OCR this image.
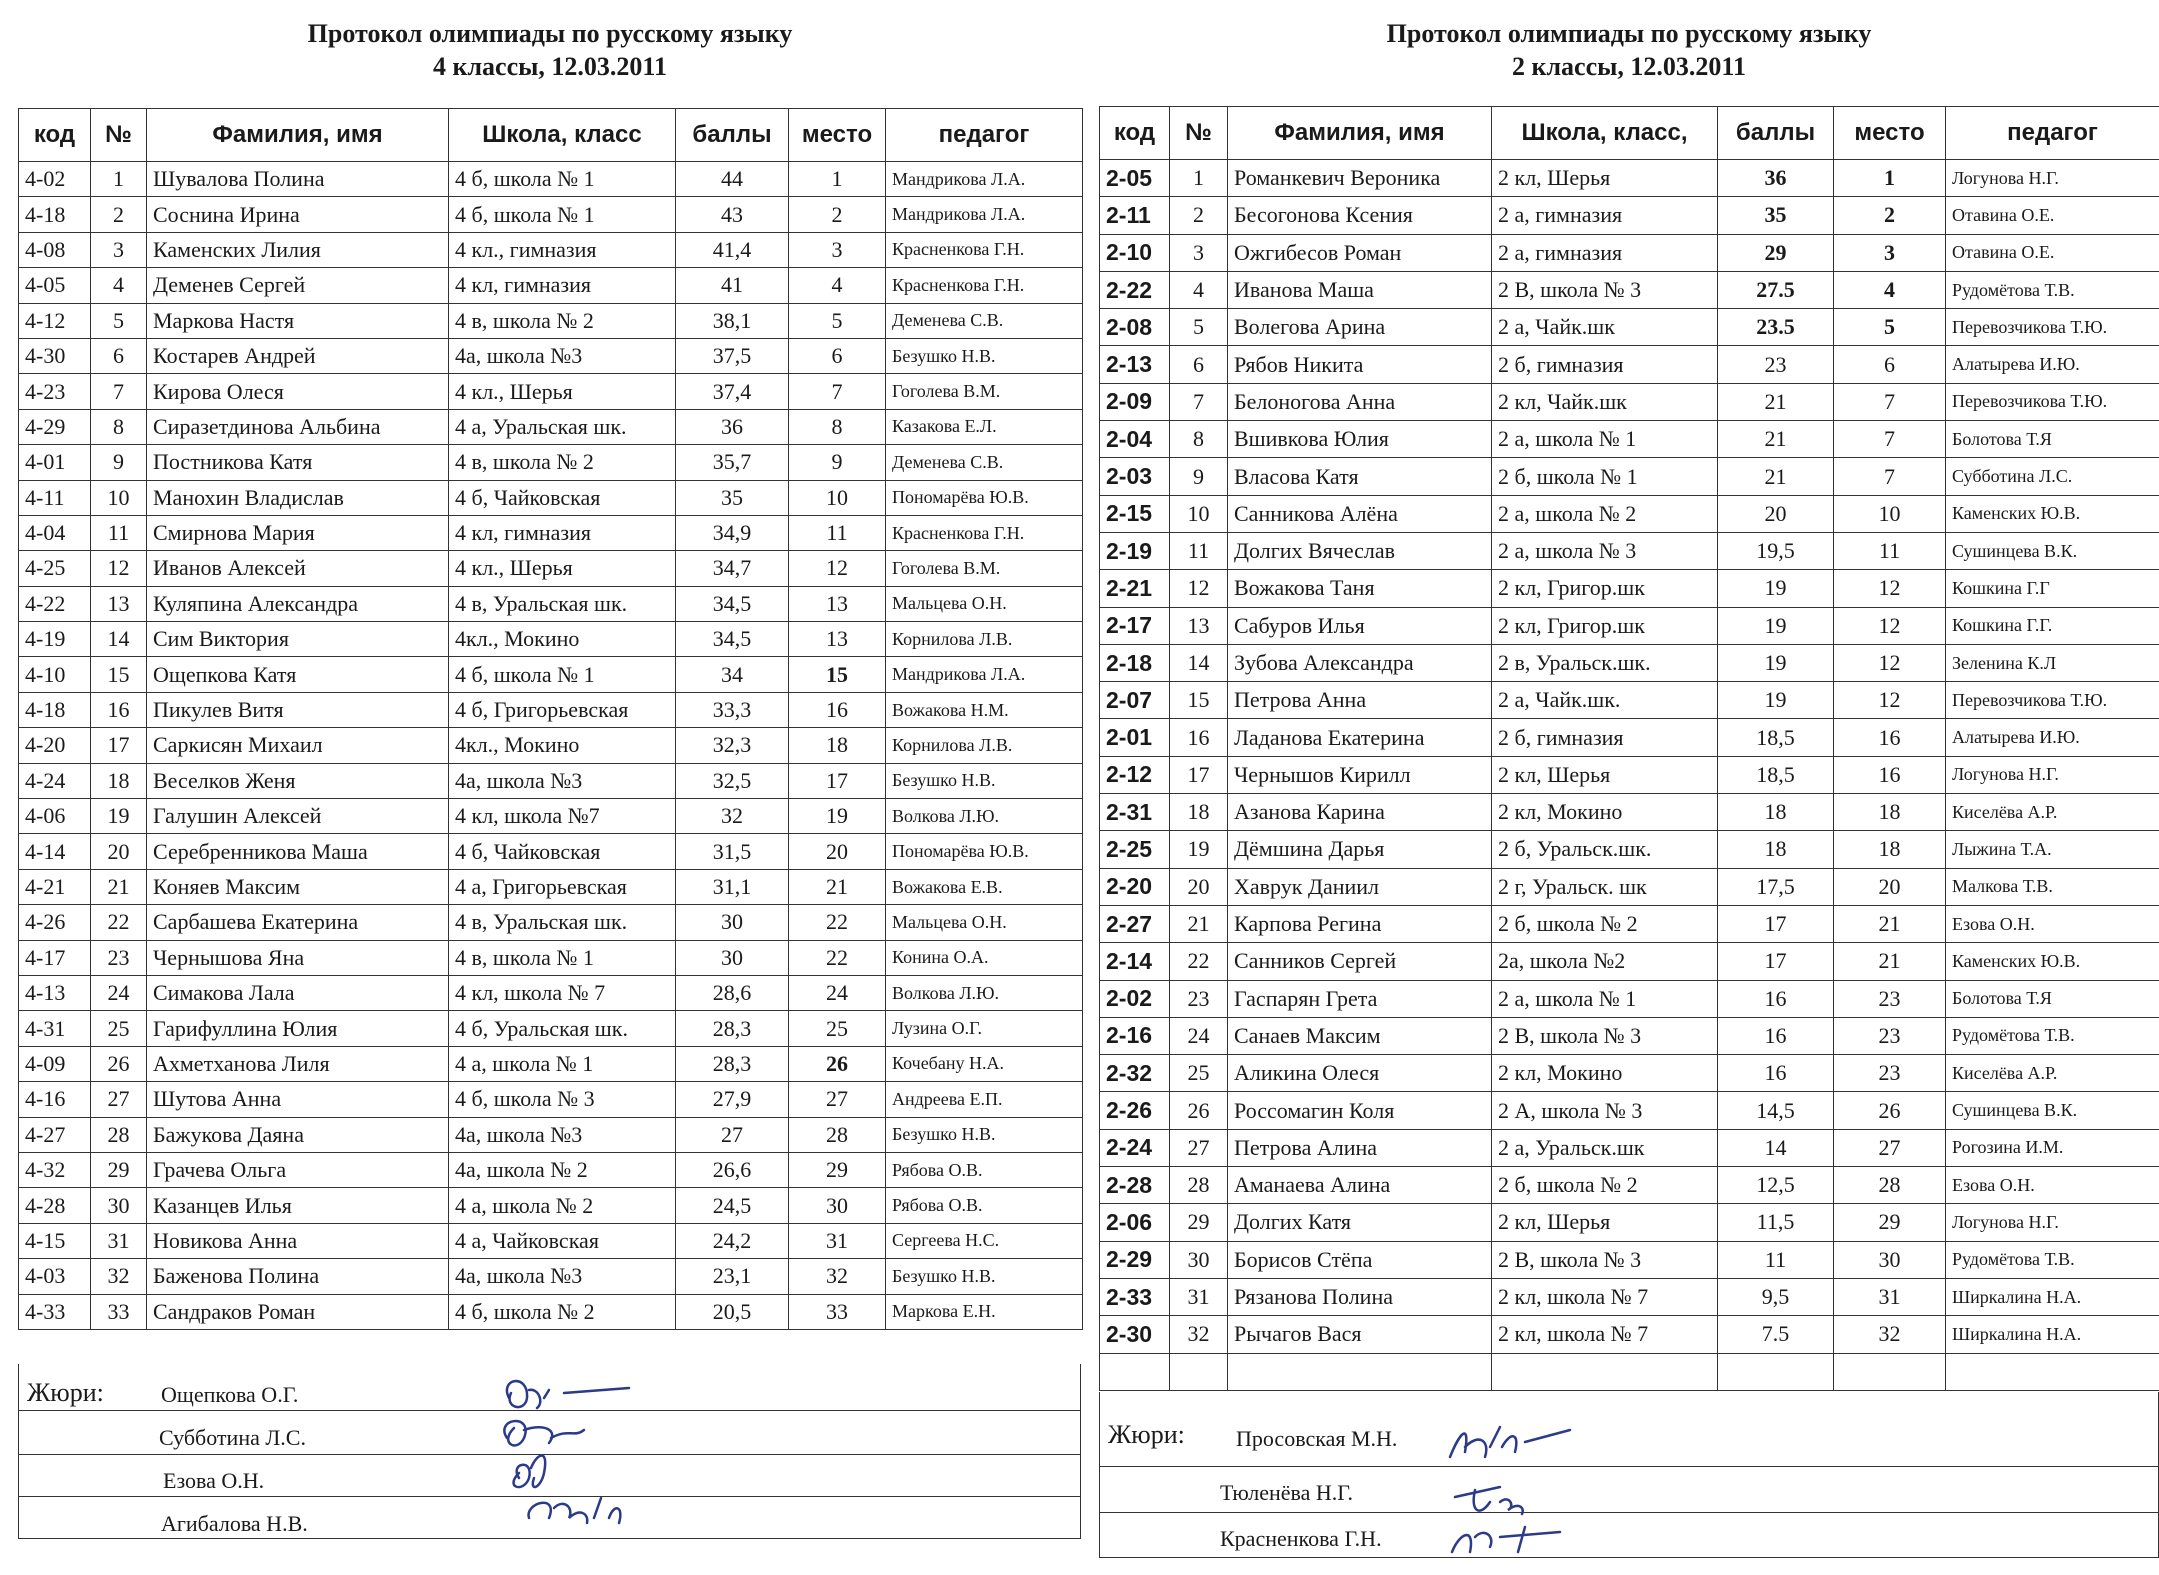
Протокол олимпиады по русскому языку
4 классы, 12.03.2011
код	№	Фамилия, имя	Школа, класс	баллы	место	педагог
4-02	1	Шувалова Полина	4 б, школа № 1	44	1	Мандрикова Л.А.
4-18	2	Соснина Ирина	4 б, школа № 1	43	2	Мандрикова Л.А.
4-08	3	Каменских Лилия	4 кл., гимназия	41,4	3	Красненкова Г.Н.
4-05	4	Деменев Сергей	4 кл, гимназия	41	4	Красненкова Г.Н.
4-12	5	Маркова Настя	4 в, школа № 2	38,1	5	Деменева С.В.
4-30	6	Костарев Андрей	4а, школа №3	37,5	6	Безушко Н.В.
4-23	7	Кирова Олеся	4 кл., Шерья	37,4	7	Гоголева В.М.
4-29	8	Сиразетдинова Альбина	4 а, Уральская шк.	36	8	Казакова Е.Л.
4-01	9	Постникова Катя	4 в, школа № 2	35,7	9	Деменева С.В.
4-11	10	Манохин Владислав	4 б, Чайковская	35	10	Пономарёва Ю.В.
4-04	11	Смирнова Мария	4 кл, гимназия	34,9	11	Красненкова Г.Н.
4-25	12	Иванов Алексей	4 кл., Шерья	34,7	12	Гоголева В.М.
4-22	13	Куляпина Александра	4 в, Уральская шк.	34,5	13	Мальцева О.Н.
4-19	14	Сим Виктория	4кл., Мокино	34,5	13	Корнилова Л.В.
4-10	15	Ощепкова Катя	4 б, школа № 1	34	15	Мандрикова Л.А.
4-18	16	Пикулев Витя	4 б, Григорьевская	33,3	16	Вожакова Н.М.
4-20	17	Саркисян Михаил	4кл., Мокино	32,3	18	Корнилова Л.В.
4-24	18	Веселков Женя	4а, школа №3	32,5	17	Безушко Н.В.
4-06	19	Галушин Алексей	4 кл, школа №7	32	19	Волкова Л.Ю.
4-14	20	Серебренникова Маша	4 б, Чайковская	31,5	20	Пономарёва Ю.В.
4-21	21	Коняев Максим	4 а, Григорьевская	31,1	21	Вожакова Е.В.
4-26	22	Сарбашева Екатерина	4 в, Уральская шк.	30	22	Мальцева О.Н.
4-17	23	Чернышова Яна	4 в, школа № 1	30	22	Конина О.А.
4-13	24	Симакова Лала	4 кл, школа № 7	28,6	24	Волкова Л.Ю.
4-31	25	Гарифуллина Юлия	4 б, Уральская шк.	28,3	25	Лузина О.Г.
4-09	26	Ахметханова Лиля	4 а, школа № 1	28,3	26	Кочебану Н.А.
4-16	27	Шутова Анна	4 б, школа № 3	27,9	27	Андреева Е.П.
4-27	28	Бажукова Даяна	4а, школа №3	27	28	Безушко Н.В.
4-32	29	Грачева Ольга	4а, школа № 2	26,6	29	Рябова О.В.
4-28	30	Казанцев Илья	4 а, школа № 2	24,5	30	Рябова О.В.
4-15	31	Новикова Анна	4 а, Чайковская	24,2	31	Сергеева Н.С.
4-03	32	Баженова Полина	4а, школа №3	23,1	32	Безушко Н.В.
4-33	33	Сандраков Роман	4 б, школа № 2	20,5	33	Маркова Е.Н.
Жюри:	Ощепкова О.Г.
Субботина Л.С.
Езова О.Н.
Агибалова Н.В.
Протокол олимпиады по русскому языку
2 классы, 12.03.2011
код	№	Фамилия, имя	Школа, класс,	баллы	место	педагог
2-05	1	Романкевич Вероника	2 кл, Шерья	36	1	Логунова Н.Г.
2-11	2	Бесогонова Ксения	2 а, гимназия	35	2	Отавина О.Е.
2-10	3	Ожгибесов Роман	2 а, гимназия	29	3	Отавина О.Е.
2-22	4	Иванова Маша	2 В, школа № 3	27.5	4	Рудомётова Т.В.
2-08	5	Волегова Арина	2 а, Чайк.шк	23.5	5	Перевозчикова Т.Ю.
2-13	6	Рябов Никита	2 б, гимназия	23	6	Алатырева И.Ю.
2-09	7	Белоногова Анна	2 кл, Чайк.шк	21	7	Перевозчикова Т.Ю.
2-04	8	Вшивкова Юлия	2 а, школа № 1	21	7	Болотова Т.Я
2-03	9	Власова Катя	2 б, школа № 1	21	7	Субботина Л.С.
2-15	10	Санникова Алёна	2 а, школа № 2	20	10	Каменских Ю.В.
2-19	11	Долгих Вячеслав	2 а, школа № 3	19,5	11	Сушинцева В.К.
2-21	12	Вожакова Таня	2 кл, Григор.шк	19	12	Кошкина Г.Г
2-17	13	Сабуров Илья	2 кл, Григор.шк	19	12	Кошкина Г.Г.
2-18	14	Зубова Александра	2 в, Уральск.шк.	19	12	Зеленина К.Л
2-07	15	Петрова Анна	2 а, Чайк.шк.	19	12	Перевозчикова Т.Ю.
2-01	16	Ладанова Екатерина	2 б, гимназия	18,5	16	Алатырева И.Ю.
2-12	17	Чернышов Кирилл	2 кл, Шерья	18,5	16	Логунова Н.Г.
2-31	18	Азанова Карина	2 кл, Мокино	18	18	Киселёва А.Р.
2-25	19	Дёмшина Дарья	2 б, Уральск.шк.	18	18	Лыжина Т.А.
2-20	20	Хаврук Даниил	2 г, Уральск. шк	17,5	20	Малкова Т.В.
2-27	21	Карпова Регина	2 б, школа № 2	17	21	Езова О.Н.
2-14	22	Санников Сергей	2а, школа №2	17	21	Каменских Ю.В.
2-02	23	Гаспарян Грета	2 а, школа № 1	16	23	Болотова Т.Я
2-16	24	Санаев Максим	2 В, школа № 3	16	23	Рудомётова Т.В.
2-32	25	Аликина Олеся	2 кл, Мокино	16	23	Киселёва А.Р.
2-26	26	Россомагин Коля	2 А, школа № 3	14,5	26	Сушинцева В.К.
2-24	27	Петрова Алина	2 а, Уральск.шк	14	27	Рогозина И.М.
2-28	28	Аманаева Алина	2 б, школа № 2	12,5	28	Езова О.Н.
2-06	29	Долгих Катя	2 кл, Шерья	11,5	29	Логунова Н.Г.
2-29	30	Борисов Стёпа	2 В, школа № 3	11	30	Рудомётова Т.В.
2-33	31	Рязанова Полина	2 кл, школа № 7	9,5	31	Ширкалина Н.А.
2-30	32	Рычагов Вася	2 кл, школа № 7	7.5	32	Ширкалина Н.А.

Жюри: Просовская М.Н.
Тюленёва Н.Г.
Красненкова Г.Н.
